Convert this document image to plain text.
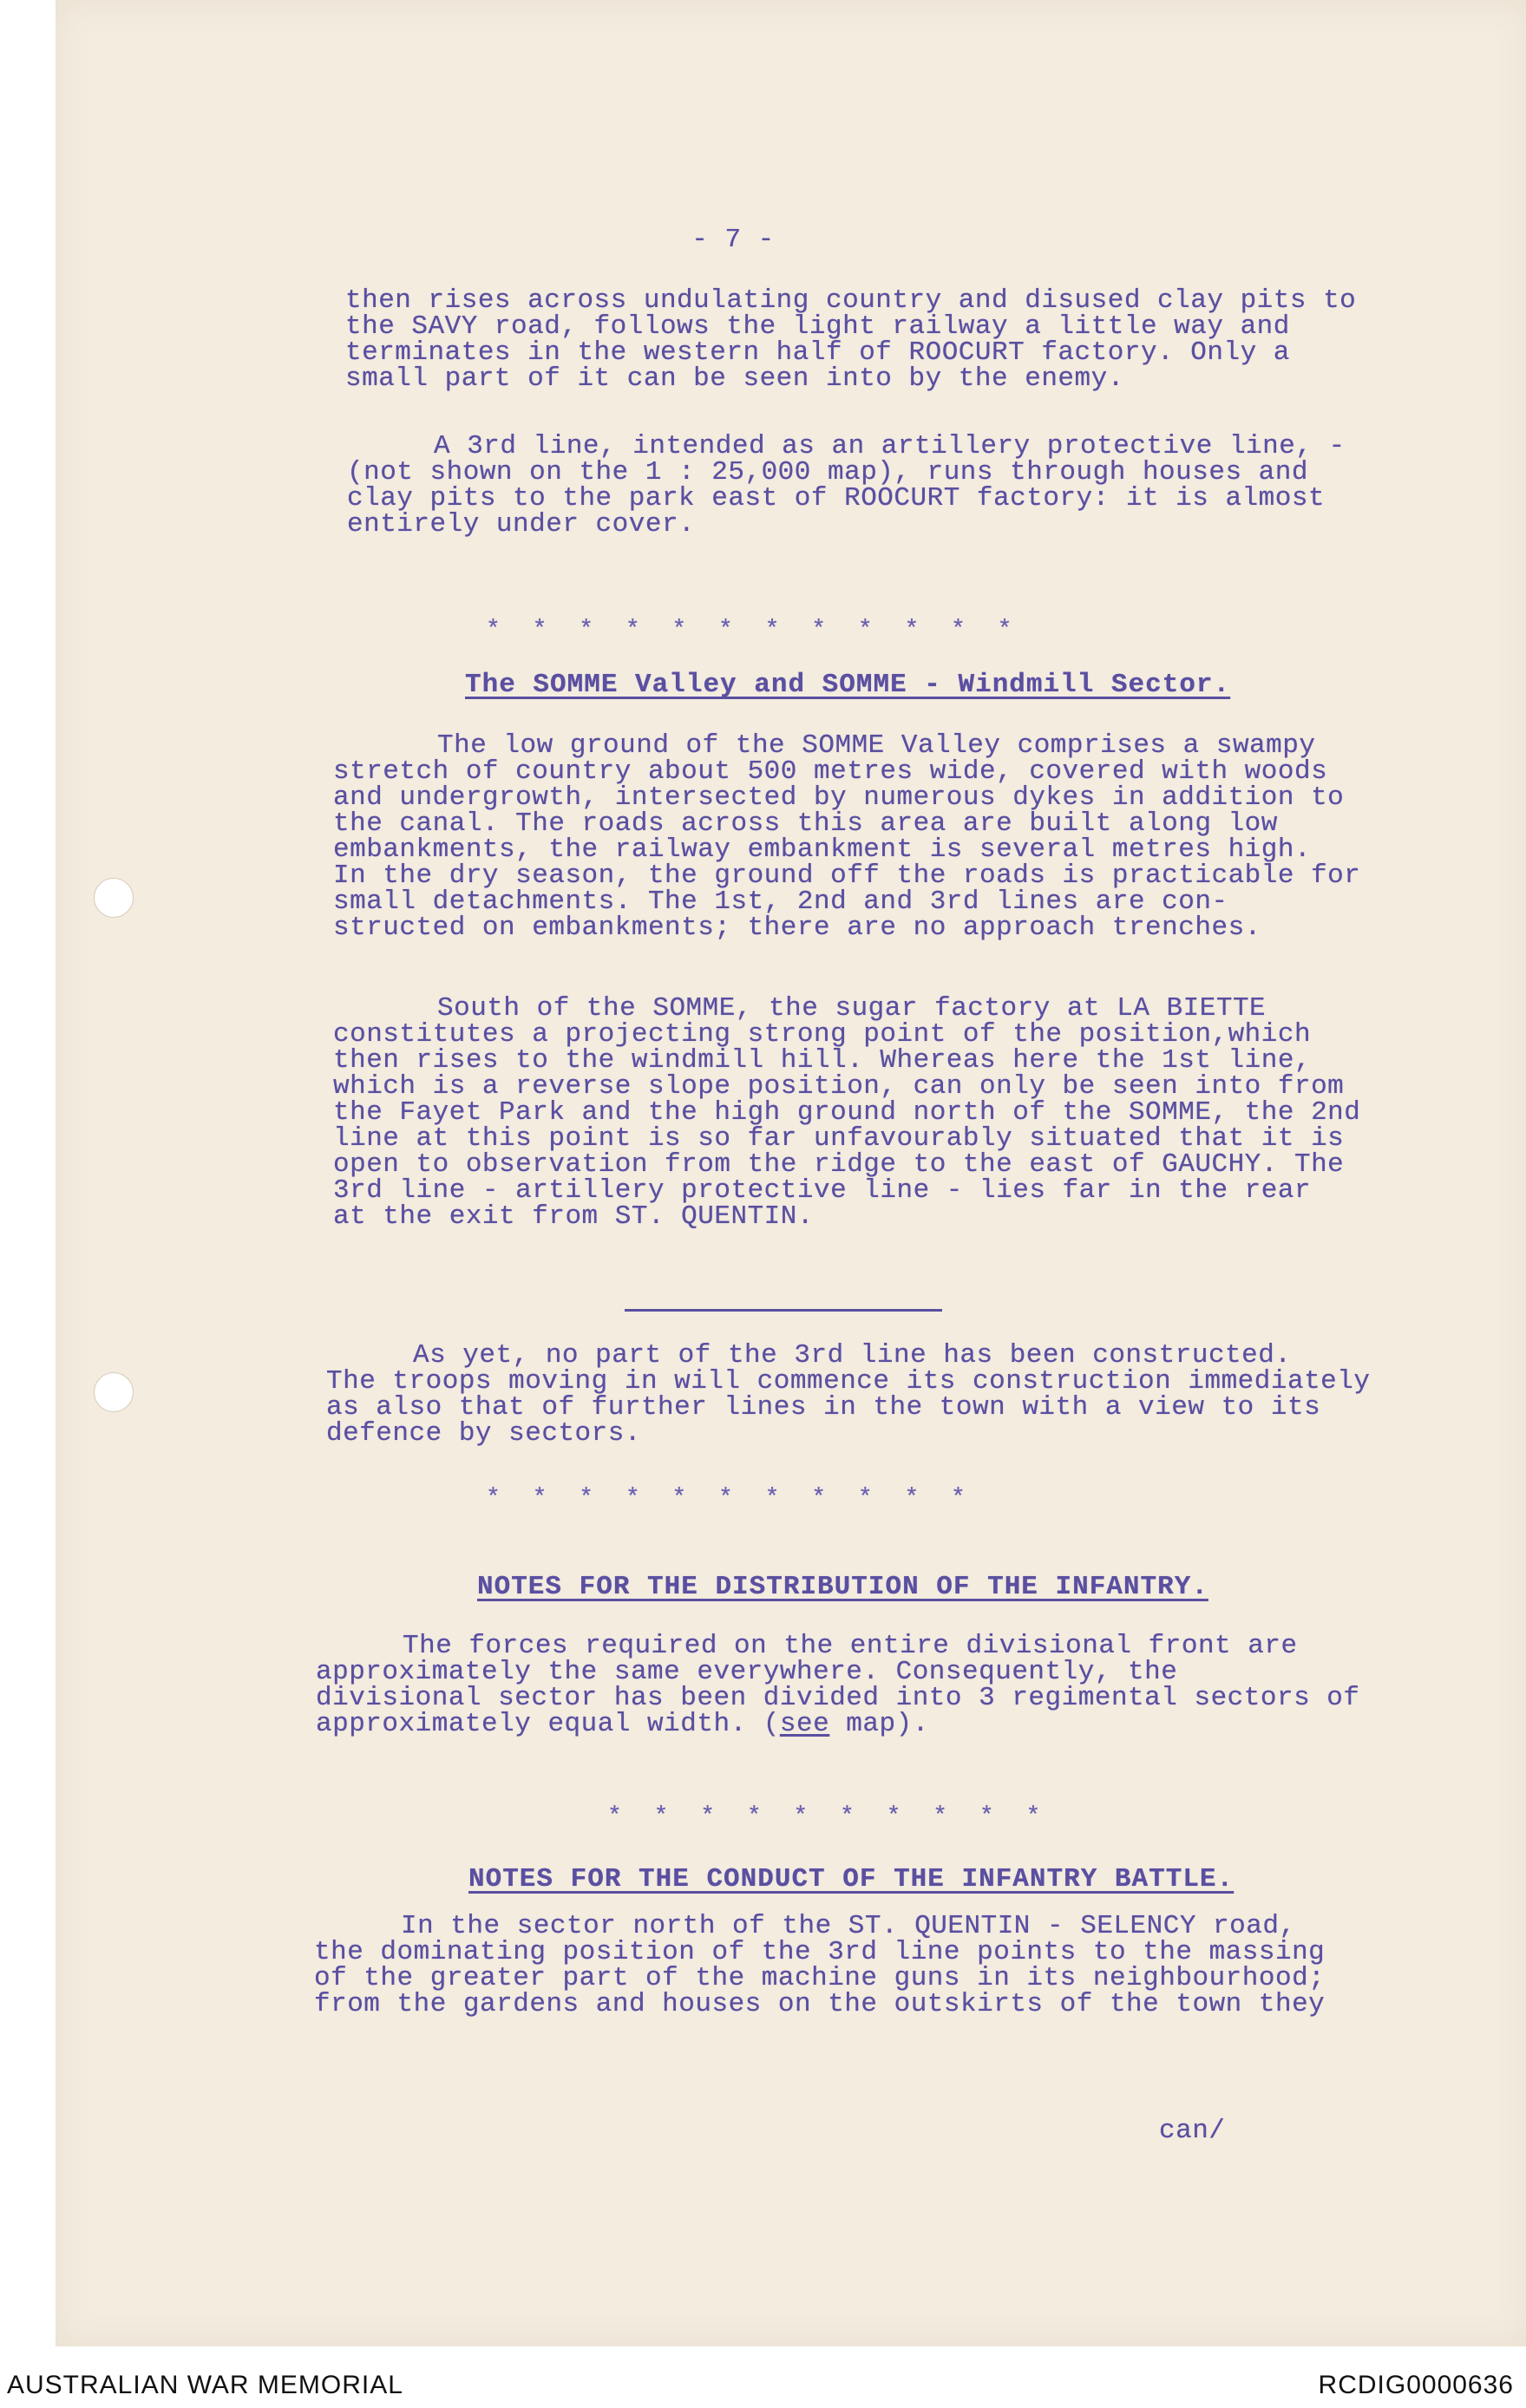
- 7 -
then rises across undulating country and disused clay pits to
the SAVY road, follows the light railway a little way and
terminates in the western half of ROOCURT factory. Only a
small part of it can be seen into by the enemy.
A 3rd line, intended as an artillery protective line, -
(not shown on the 1 : 25,000 map), runs through houses and
clay pits to the park east of ROOCURT factory: it is almost
entirely under cover.
* * * * * * * * * * * *
The SOMME Valley and SOMME - Windmill Sector.
The low ground of the SOMME Valley comprises a swampy
stretch of country about 500 metres wide, covered with woods
and undergrowth, intersected by numerous dykes in addition to
the canal. The roads across this area are built along low
embankments, the railway embankment is several metres high.
In the dry season, the ground off the roads is practicable for
small detachments. The 1st, 2nd and 3rd lines are con-
structed on embankments; there are no approach trenches.
South of the SOMME, the sugar factory at LA BIETTE
constitutes a projecting strong point of the position,which
then rises to the windmill hill. Whereas here the 1st line,
which is a reverse slope position, can only be seen into from
the Fayet Park and the high ground north of the SOMME, the 2nd
line at this point is so far unfavourably situated that it is
open to observation from the ridge to the east of GAUCHY. The
3rd line - artillery protective line - lies far in the rear
at the exit from ST. QUENTIN.
As yet, no part of the 3rd line has been constructed.
The troops moving in will commence its construction immediately
as also that of further lines in the town with a view to its
defence by sectors.
* * * * * * * * * * *
NOTES FOR THE DISTRIBUTION OF THE INFANTRY.
The forces required on the entire divisional front are
approximately the same everywhere. Consequently, the
divisional sector has been divided into 3 regimental sectors of
approximately equal width. (see map).
* * * * * * * * * *
NOTES FOR THE CONDUCT OF THE INFANTRY BATTLE.
In the sector north of the ST. QUENTIN - SELENCY road,
the dominating position of the 3rd line points to the massing
of the greater part of the machine guns in its neighbourhood;
from the gardens and houses on the outskirts of the town they
can/
AUSTRALIAN WAR MEMORIAL	RCDIG0000636
